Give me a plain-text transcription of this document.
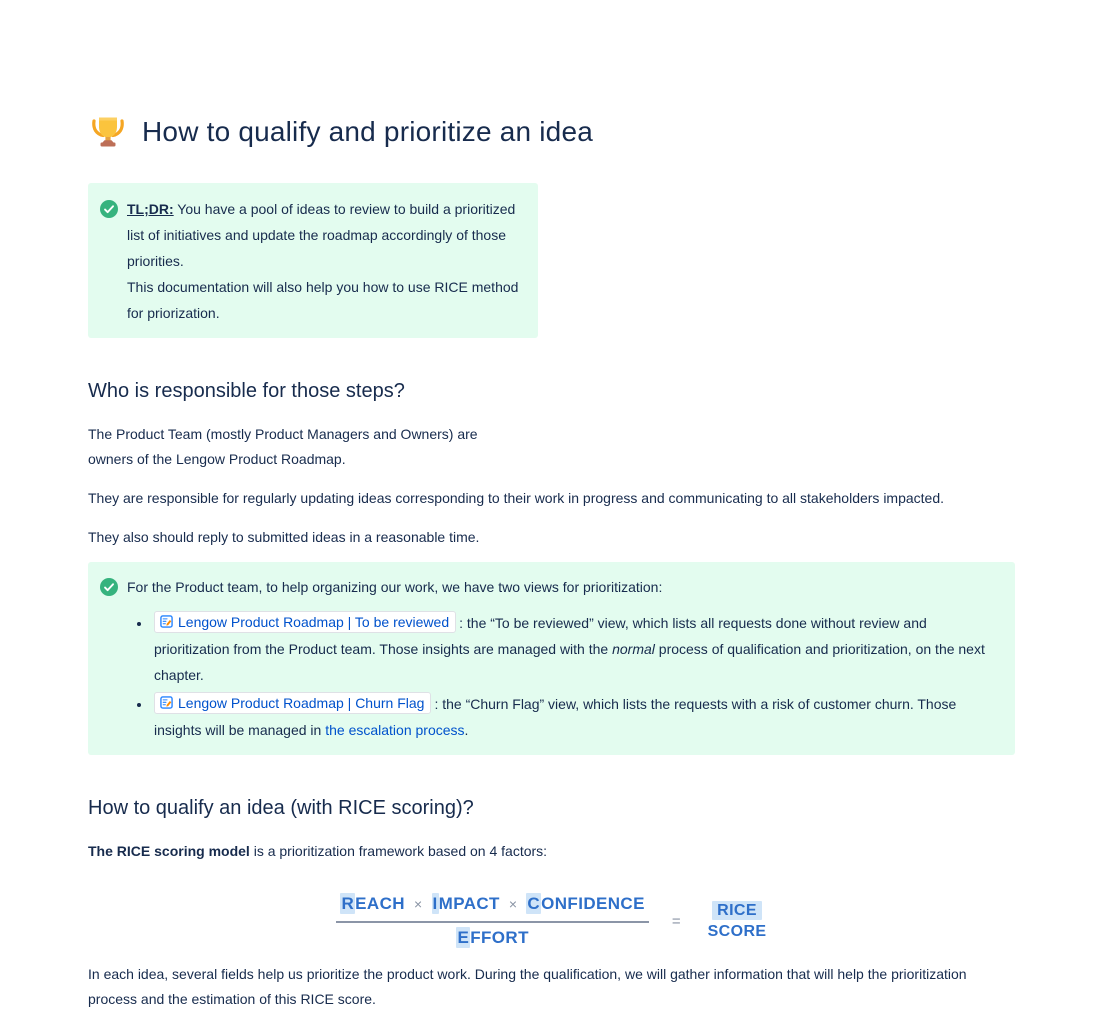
How to qualify and prioritize an idea
TL;DR: You have a pool of ideas to review to build a prioritized list of initiatives and update the roadmap accordingly of those priorities.
This documentation will also help you how to use RICE method for priorization.
Who is responsible for those steps?

The Product Team (mostly Product Managers and Owners) are
owners of the Lengow Product Roadmap.

They are responsible for regularly updating ideas corresponding to their work in progress and communicating to all stakeholders impacted.

They also should reply to submitted ideas in a reasonable time.

For the Product team, to help organizing our work, we have two views for prioritization:
• Lengow Product Roadmap | To be reviewed : the “To be reviewed” view, which lists all requests done without review and prioritization from the Product team. Those insights are managed with the normal process of qualification and prioritization, on the next chapter.
• Lengow Product Roadmap | Churn Flag : the “Churn Flag” view, which lists the requests with a risk of customer churn. Those insights will be managed in the escalation process.
How to qualify an idea (with RICE scoring)?

The RICE scoring model is a prioritization framework based on 4 factors:

$\frac{\text{REACH × IMPACT × CONFIDENCE}}{\text{EFFORT}}$ =
RICE
SCORE

In each idea, several fields help us prioritize the product work. During the qualification, we will gather information that will help the prioritization process and the estimation of this RICE score.
